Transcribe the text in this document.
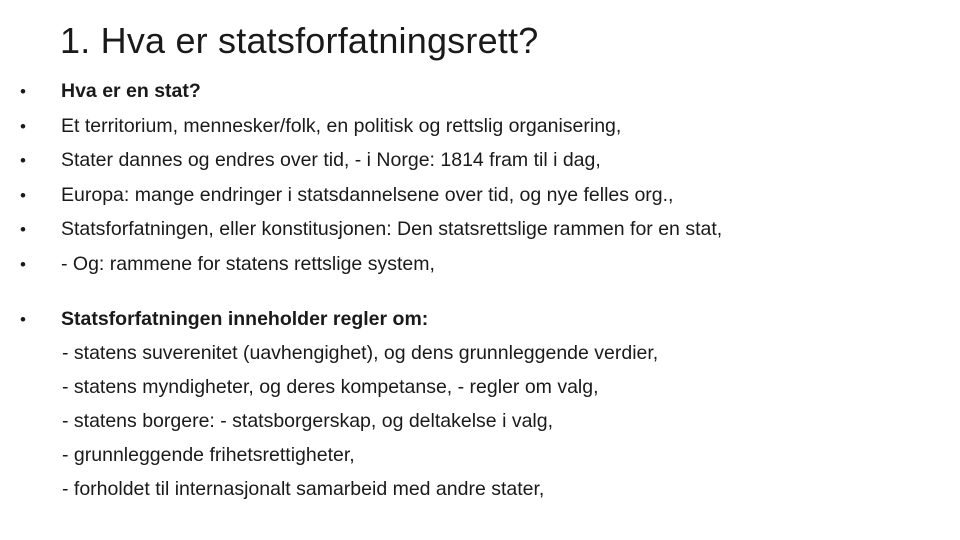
1. Hva er statsforfatningsrett?
• Hva er en stat?
• Et territorium, mennesker/folk, en politisk og rettslig organisering,
• Stater dannes og endres over tid, - i Norge: 1814 fram til i dag,
• Europa: mange endringer i statsdannelsene over tid, og nye felles org.,
• Statsforfatningen, eller konstitusjonen: Den statsrettslige rammen for en stat,
• - Og: rammene for statens rettslige system,
• Statsforfatningen inneholder regler om:
- statens suverenitet (uavhengighet), og dens grunnleggende verdier,
- statens myndigheter, og deres kompetanse, - regler om valg,
- statens borgere: - statsborgerskap, og deltakelse i valg,
- grunnleggende frihetsrettigheter,
- forholdet til internasjonalt samarbeid med andre stater,
